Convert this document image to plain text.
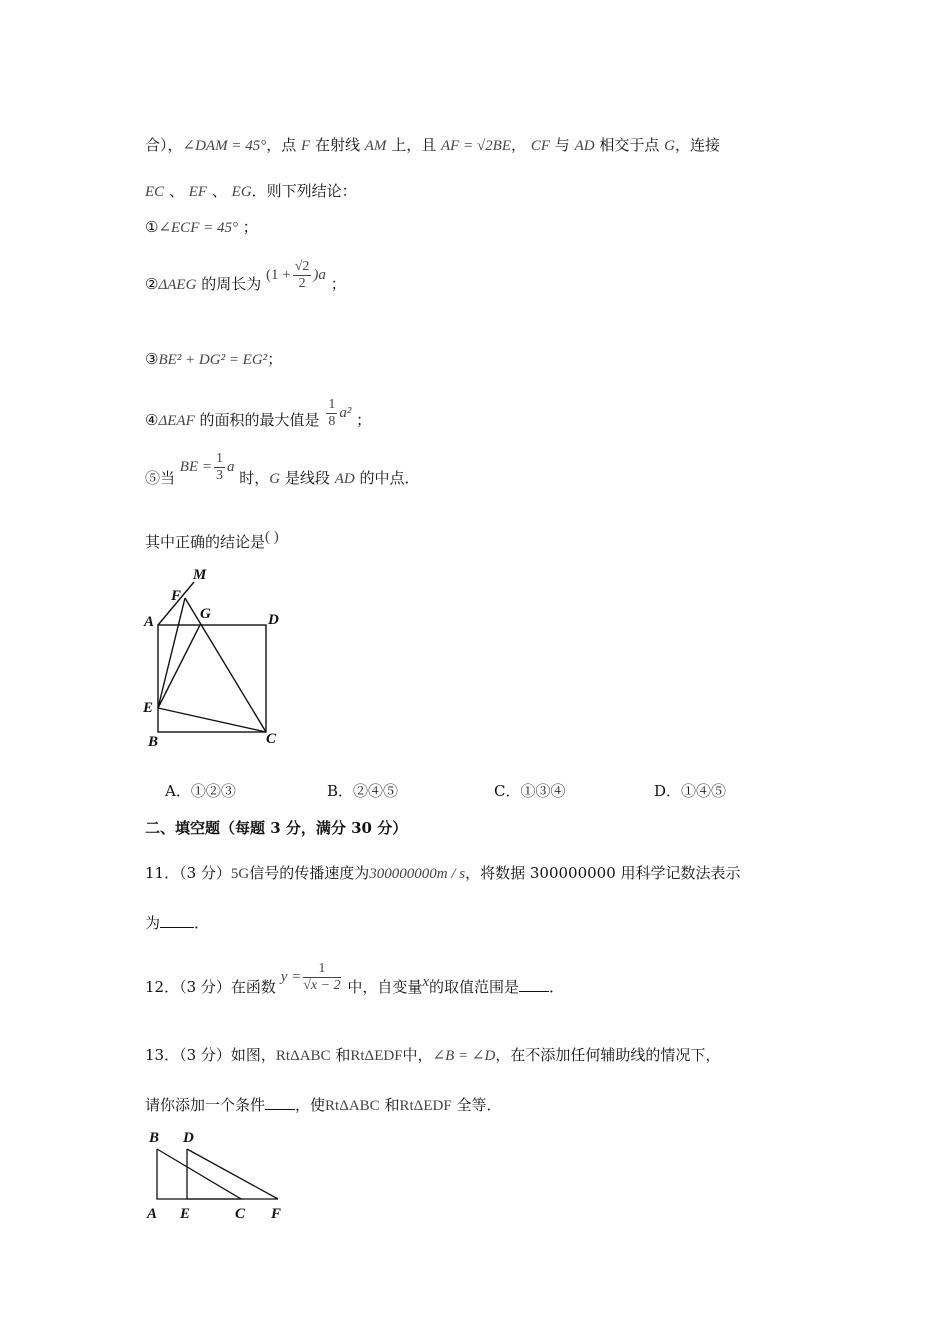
合），∠DAM = 45°，点 F 在射线 AM 上，且 AF = √2BE， CF 与 AD 相交于点 G，连接
EC 、 EF 、 EG．则下列结论：
①∠ECF = 45° ；
②ΔAEG 的周长为 $(1 + \frac{√2}{2} )a$ ；
③BE² + DG² = EG²；
④ΔEAF 的面积的最大值是 $\frac{1}{8} a^2$ ；
⑤当 BE = $\frac{1}{3}$ a 时，G 是线段 AD 的中点．
其中正确的结论是( )
M
F
G
A	D
E
B	C
A．①②③	B．②④⑤	C．①③④	D．①④⑤
二、填空题（每题 3 分，满分 30 分）
11．（3 分）5G信号的传播速度为300000000m / s，将数据 300000000 用科学记数法表示
为 ．
12．（3 分）在函数 $y = \frac{1}{√x - 2}$ 中，自变量x的取值范围是 ．
13．（3 分）如图，RtΔABC 和RtΔEDF中，∠B = ∠D，在不添加任何辅助线的情况下，
请你添加一个条件 ，使RtΔABC 和RtΔEDF 全等．
B D
A E	C F
